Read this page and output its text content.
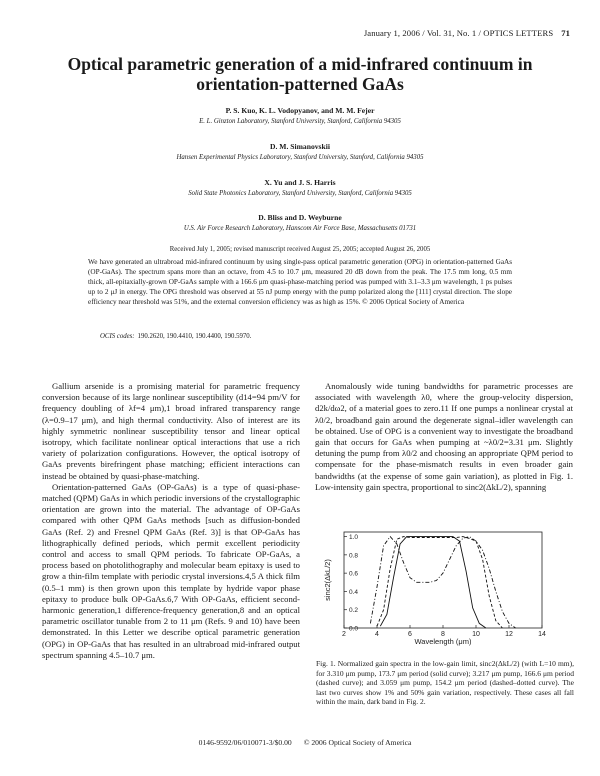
January 1, 2006 / Vol. 31, No. 1 / OPTICS LETTERS 71
Optical parametric generation of a mid-infrared continuum in orientation-patterned GaAs
P. S. Kuo, K. L. Vodopyanov, and M. M. Fejer
E. L. Ginzton Laboratory, Stanford University, Stanford, California 94305
D. M. Simanovskii
Hansen Experimental Physics Laboratory, Stanford University, Stanford, California 94305
X. Yu and J. S. Harris
Solid State Photonics Laboratory, Stanford University, Stanford, California 94305
D. Bliss and D. Weyburne
U.S. Air Force Research Laboratory, Hanscom Air Force Base, Massachusetts 01731
Received July 1, 2005; revised manuscript received August 25, 2005; accepted August 26, 2005
We have generated an ultrabroad mid-infrared continuum by using single-pass optical parametric generation (OPG) in orientation-patterned GaAs (OP-GaAs). The spectrum spans more than an octave, from 4.5 to 10.7 μm, measured 20 dB down from the peak. The 17.5 mm long, 0.5 mm thick, all-epitaxially-grown OP-GaAs sample with a 166.6 μm quasi-phase-matching period was pumped with 3.1–3.3 μm wavelength, 1 ps pulses up to 2 μJ in energy. The OPG threshold was observed at 55 nJ pump energy with the pump polarized along the [111] crystal direction. The slope efficiency near threshold was 51%, and the external conversion efficiency was as high as 15%. © 2006 Optical Society of America
OCIS codes: 190.2620, 190.4410, 190.4400, 190.5970.

Gallium arsenide is a promising material for parametric frequency conversion because of its large nonlinear susceptibility (d14=94 pm/V for frequency doubling of λf=4 μm),1 broad infrared transparency range (λ=0.9–17 μm), and high thermal conductivity. Also of interest are its highly symmetric nonlinear susceptibility tensor and linear optical isotropy, which facilitate nonlinear optical interactions that use a rich variety of polarization configurations. However, the optical isotropy of GaAs prevents birefringent phase matching; efficient interactions can instead be obtained by quasi-phase-matching.

Orientation-patterned GaAs (OP-GaAs) is a type of quasi-phase-matched (QPM) GaAs in which periodic inversions of the crystallographic orientation are grown into the material. The advantage of OP-GaAs compared with other QPM GaAs methods [such as diffusion-bonded GaAs (Ref. 2) and Fresnel QPM GaAs (Ref. 3)] is that OP-GaAs has lithographically defined periods, which permit excellent periodicity control and access to small QPM periods. To fabricate OP-GaAs, a process based on photolithography and molecular beam epitaxy is used to grow a thin-film template with periodic crystal inversions.4,5 A thick film (0.5–1 mm) is then grown upon this template by hydride vapor phase epitaxy to produce bulk OP-GaAs.6,7 With OP-GaAs, efficient second-harmonic generation,1 difference-frequency generation,8 and an optical parametric oscillator tunable from 2 to 11 μm (Refs. 9 and 10) have been demonstrated. In this Letter we describe optical parametric generation (OPG) in OP-GaAs that has resulted in an ultrabroad mid-infrared output spectrum spanning 4.5–10.7 μm.

Anomalously wide tuning bandwidths for parametric processes are associated with wavelength λ0, where the group-velocity dispersion, d2k/dω2, of a material goes to zero.11 If one pumps a nonlinear crystal at λ0/2, broadband gain around the degenerate signal–idler wavelength can be obtained. Use of OPG is a convenient way to investigate the broadband gain that occurs for GaAs when pumping at ~λ0/2=3.31 μm. Slightly detuning the pump from λ0/2 and choosing an appropriate QPM period to compensate for the phase-mismatch results in even broader gain bandwidths (at the expense of some gain variation), as plotted in Fig. 1. Low-intensity gain spectra, proportional to sinc2(ΔkL/2), spanning

2	4	6	8	10	12	14
0.0
0.2
0.4
0.6
0.8
1.0
Wavelength (μm)
sinc2(ΔkL/2)
Fig. 1. Normalized gain spectra in the low-gain limit, sinc2(ΔkL/2) (with L=10 mm), for 3.310 μm pump, 173.7 μm period (solid curve); 3.217 μm pump, 166.6 μm period (dashed curve); and 3.059 μm pump, 154.2 μm period (dashed–dotted curve). The last two curves show 1% and 50% gain variation, respectively. These cases all fall within the main, dark band in Fig. 2.
0146-9592/06/010071-3/$0.00 © 2006 Optical Society of America
